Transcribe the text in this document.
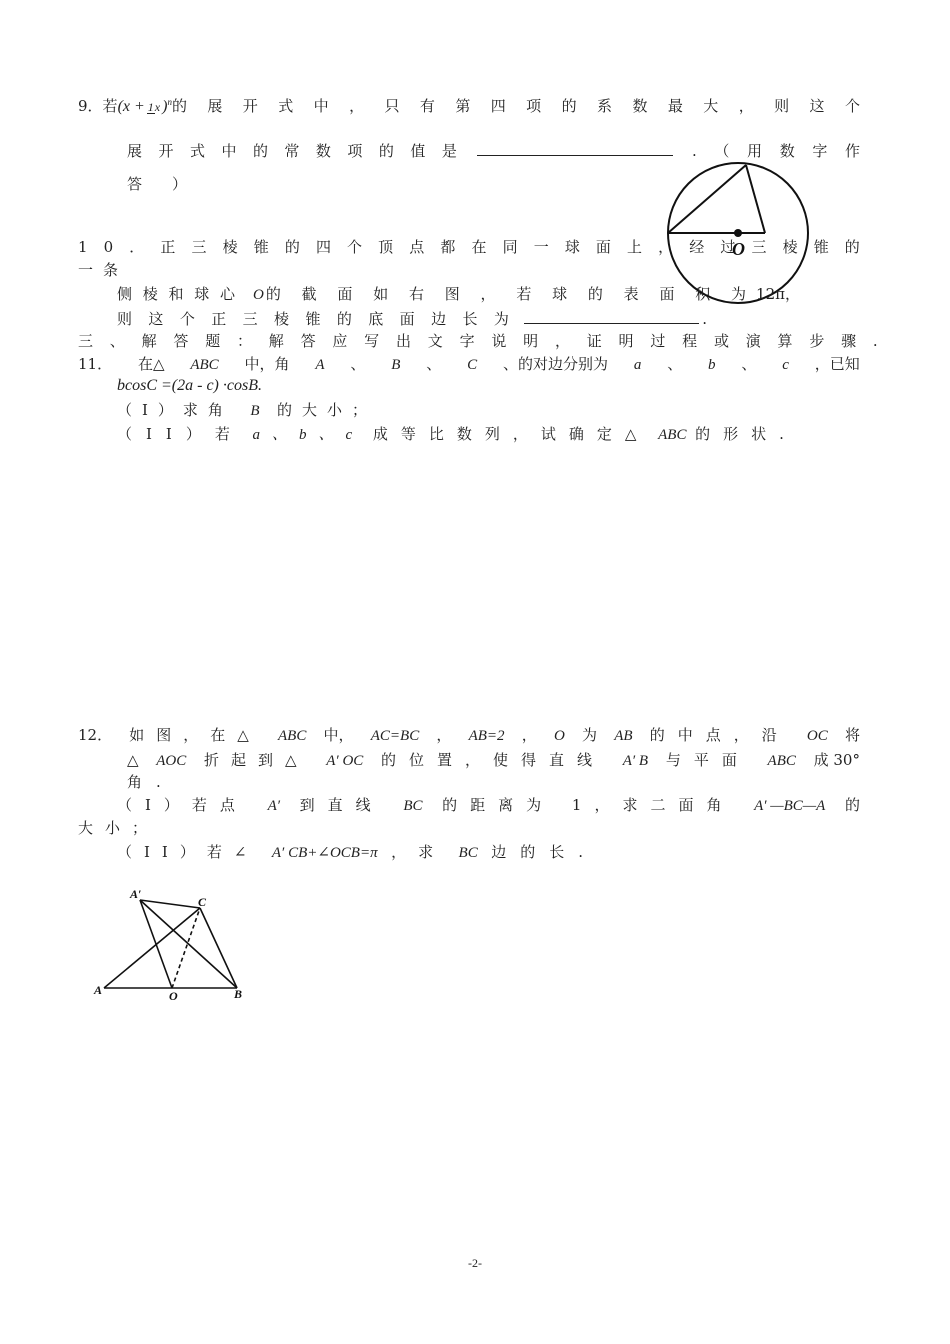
9． 若 (x + 1x )n 的 展 开 式 中 ， 只 有 第 四 项 的 系 数 最 大 ， 则 这 个
展 开 式 中 的 常 数 项 的 值 是	. （ 用 数 字 作
答 ）
O
1 0 ． 正 三 棱 锥 的 四 个 顶 点 都 在 同 一 球 面 上 ， 经 过 三 棱 锥 的
一 条
侧 棱 和 球 心 O 的 截 面 如 右 图 ， 若 球 的 表 面 积 为 12π，
则 这 个 正 三 棱 锥 的 底 面 边 长 为	.
三 、 解 答 题 ： 解 答 应 写 出 文 字 说 明 ， 证 明 过 程 或 演 算 步 骤 .
11． 在△ ABC 中，角 A 、 B 、 C 、的对边分别为 a 、 b 、 c ，已知
bcosC =(2a - c) ·cosB.
（Ⅰ）求角 B 的大小；
（II）若 a、b、c 成等比数列，试确定△ ABC 的形状.
12． 如图，在△ ABC 中， AC=BC ， AB=2 ， O 为 AB 的中点，沿 OC 将
△ AOC 折起到△ A′ OC 的位置，使得直线 A′ B 与平面 ABC 成 30°
角.
（Ⅰ）若点 A′ 到直线 BC 的距离为 1，求二面角 A′ —BC—A 的
大小；
（II）若∠ A′ CB+∠OCB=π ，求 BC 边的长.
A′
C
A	O	B
-2-
